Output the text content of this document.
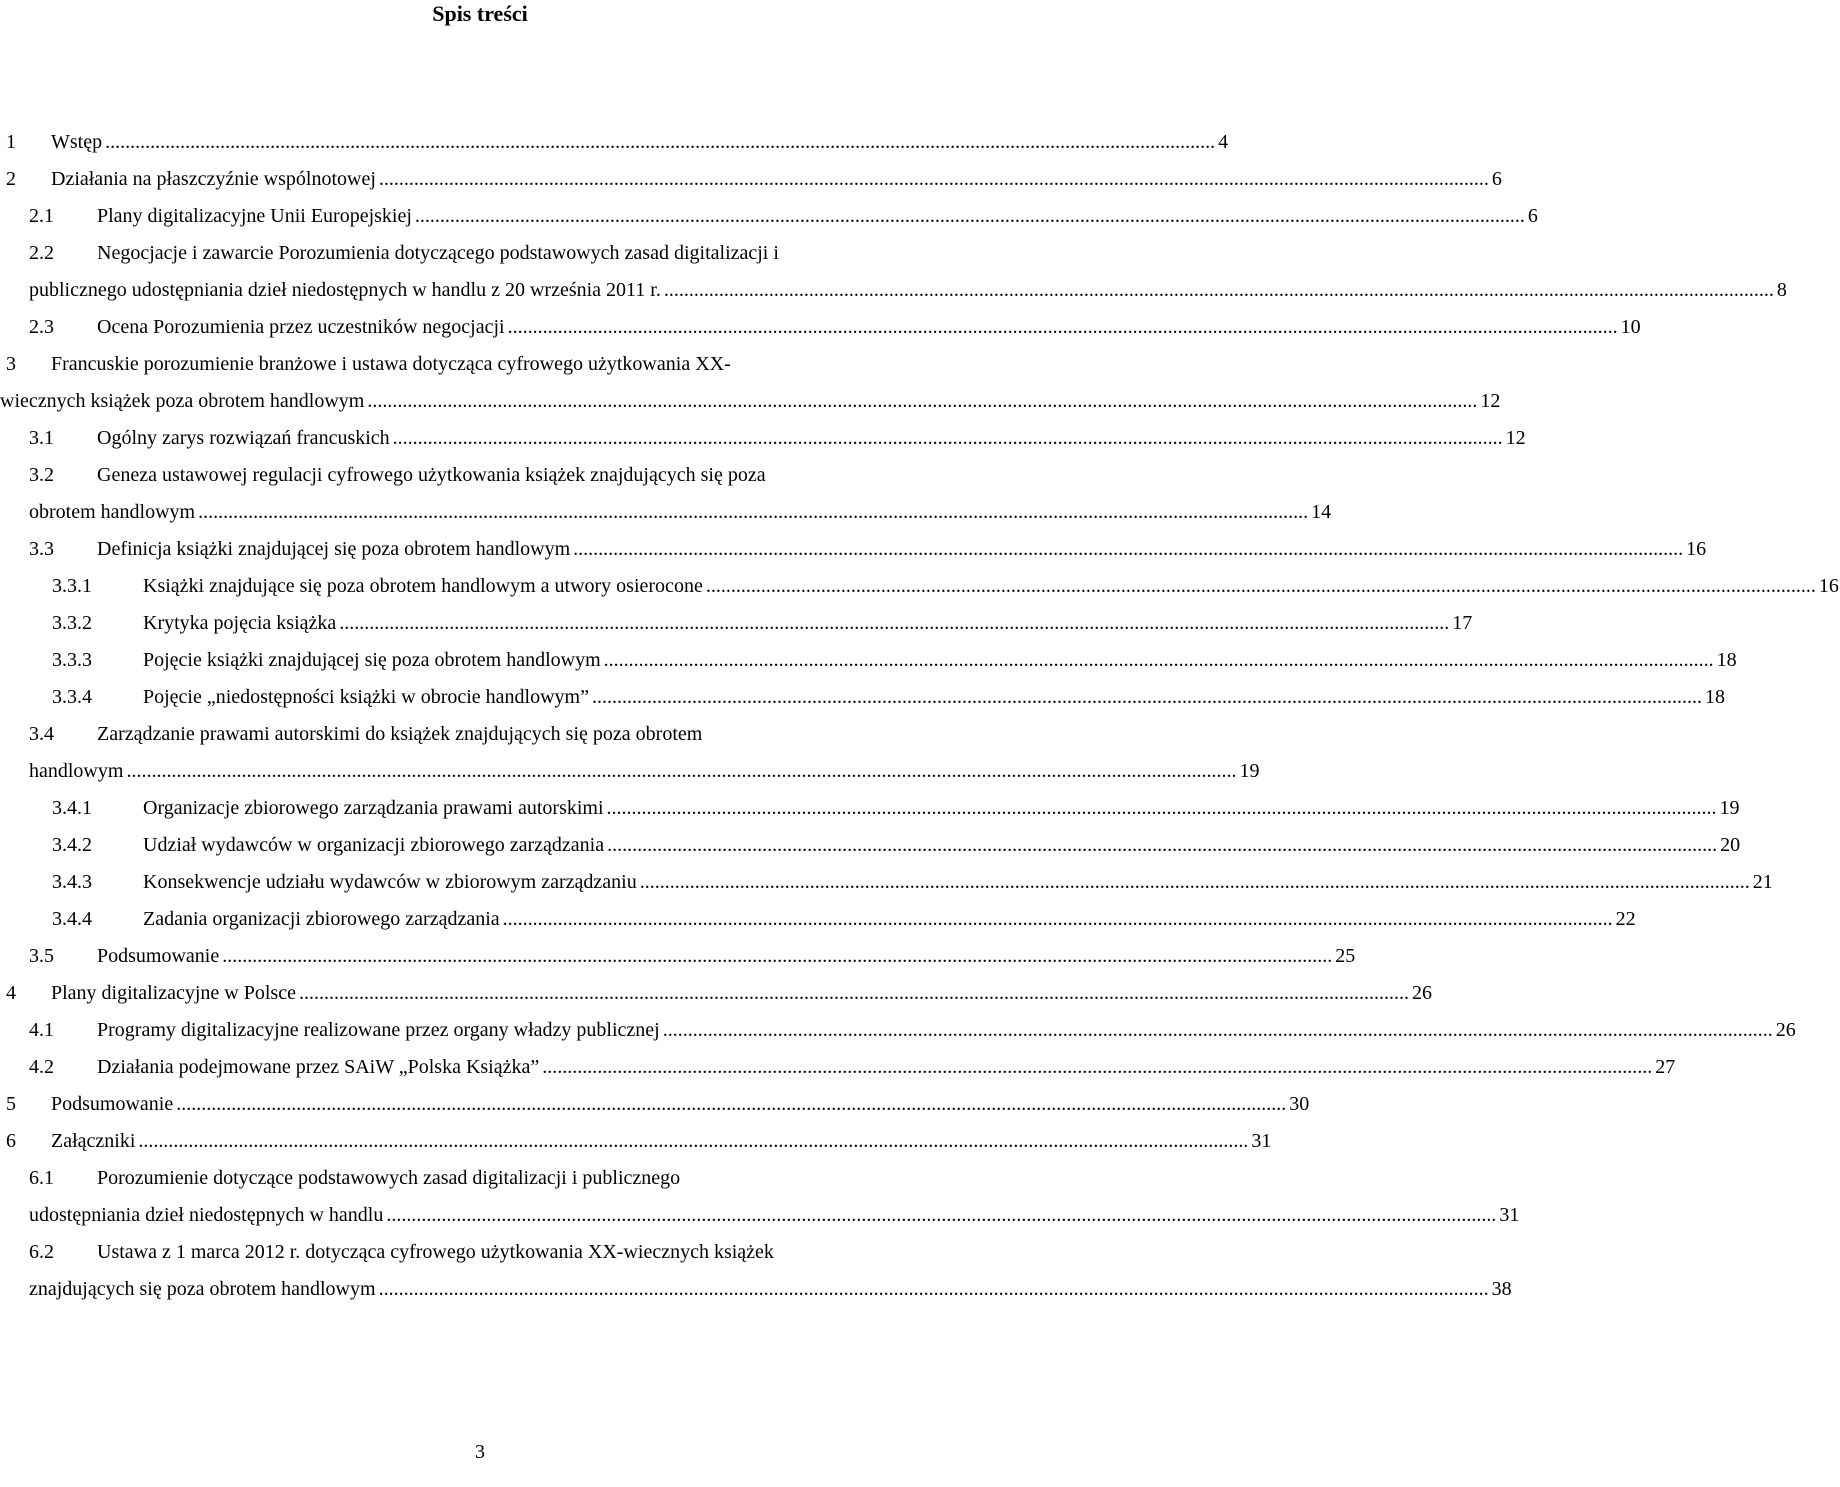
Spis treści
1	Wstęp .....	4
2	Działania na płaszczyźnie wspólnotowej .....	6
2.1	Plany digitalizacyjne Unii Europejskiej .....	6
2.2	Negocjacje i zawarcie Porozumienia dotyczącego podstawowych zasad digitalizacji i
publicznego udostępniania dzieł niedostępnych w handlu z 20 września 2011 r. .....	8
2.3	Ocena Porozumienia przez uczestników negocjacji .....	10
3	Francuskie porozumienie branżowe i ustawa dotycząca cyfrowego użytkowania XX-
wiecznych książek poza obrotem handlowym .....	12
3.1	Ogólny zarys rozwiązań francuskich .....	12
3.2	Geneza ustawowej regulacji cyfrowego użytkowania książek znajdujących się poza
obrotem handlowym .....	14
3.3	Definicja książki znajdującej się poza obrotem handlowym .....	16
3.3.1	Książki znajdujące się poza obrotem handlowym a utwory osierocone .....	16
3.3.2	Krytyka pojęcia książka .....	17
3.3.3	Pojęcie książki znajdującej się poza obrotem handlowym .....	18
3.3.4	Pojęcie „niedostępności książki w obrocie handlowym” .....	18
3.4	Zarządzanie prawami autorskimi do książek znajdujących się poza obrotem
handlowym .....	19
3.4.1	Organizacje zbiorowego zarządzania prawami autorskimi .....	19
3.4.2	Udział wydawców w organizacji zbiorowego zarządzania .....	20
3.4.3	Konsekwencje udziału wydawców w zbiorowym zarządzaniu .....	21
3.4.4	Zadania organizacji zbiorowego zarządzania .....	22
3.5	Podsumowanie .....	25
4	Plany digitalizacyjne w Polsce .....	26
4.1	Programy digitalizacyjne realizowane przez organy władzy publicznej .....	26
4.2	Działania podejmowane przez SAiW „Polska Książka” .....	27
5	Podsumowanie .....	30
6	Załączniki .....	31
6.1	Porozumienie dotyczące podstawowych zasad digitalizacji i publicznego
udostępniania dzieł niedostępnych w handlu .....	31
6.2	Ustawa z 1 marca 2012 r. dotycząca cyfrowego użytkowania XX-wiecznych książek
znajdujących się poza obrotem handlowym .....	38
3
